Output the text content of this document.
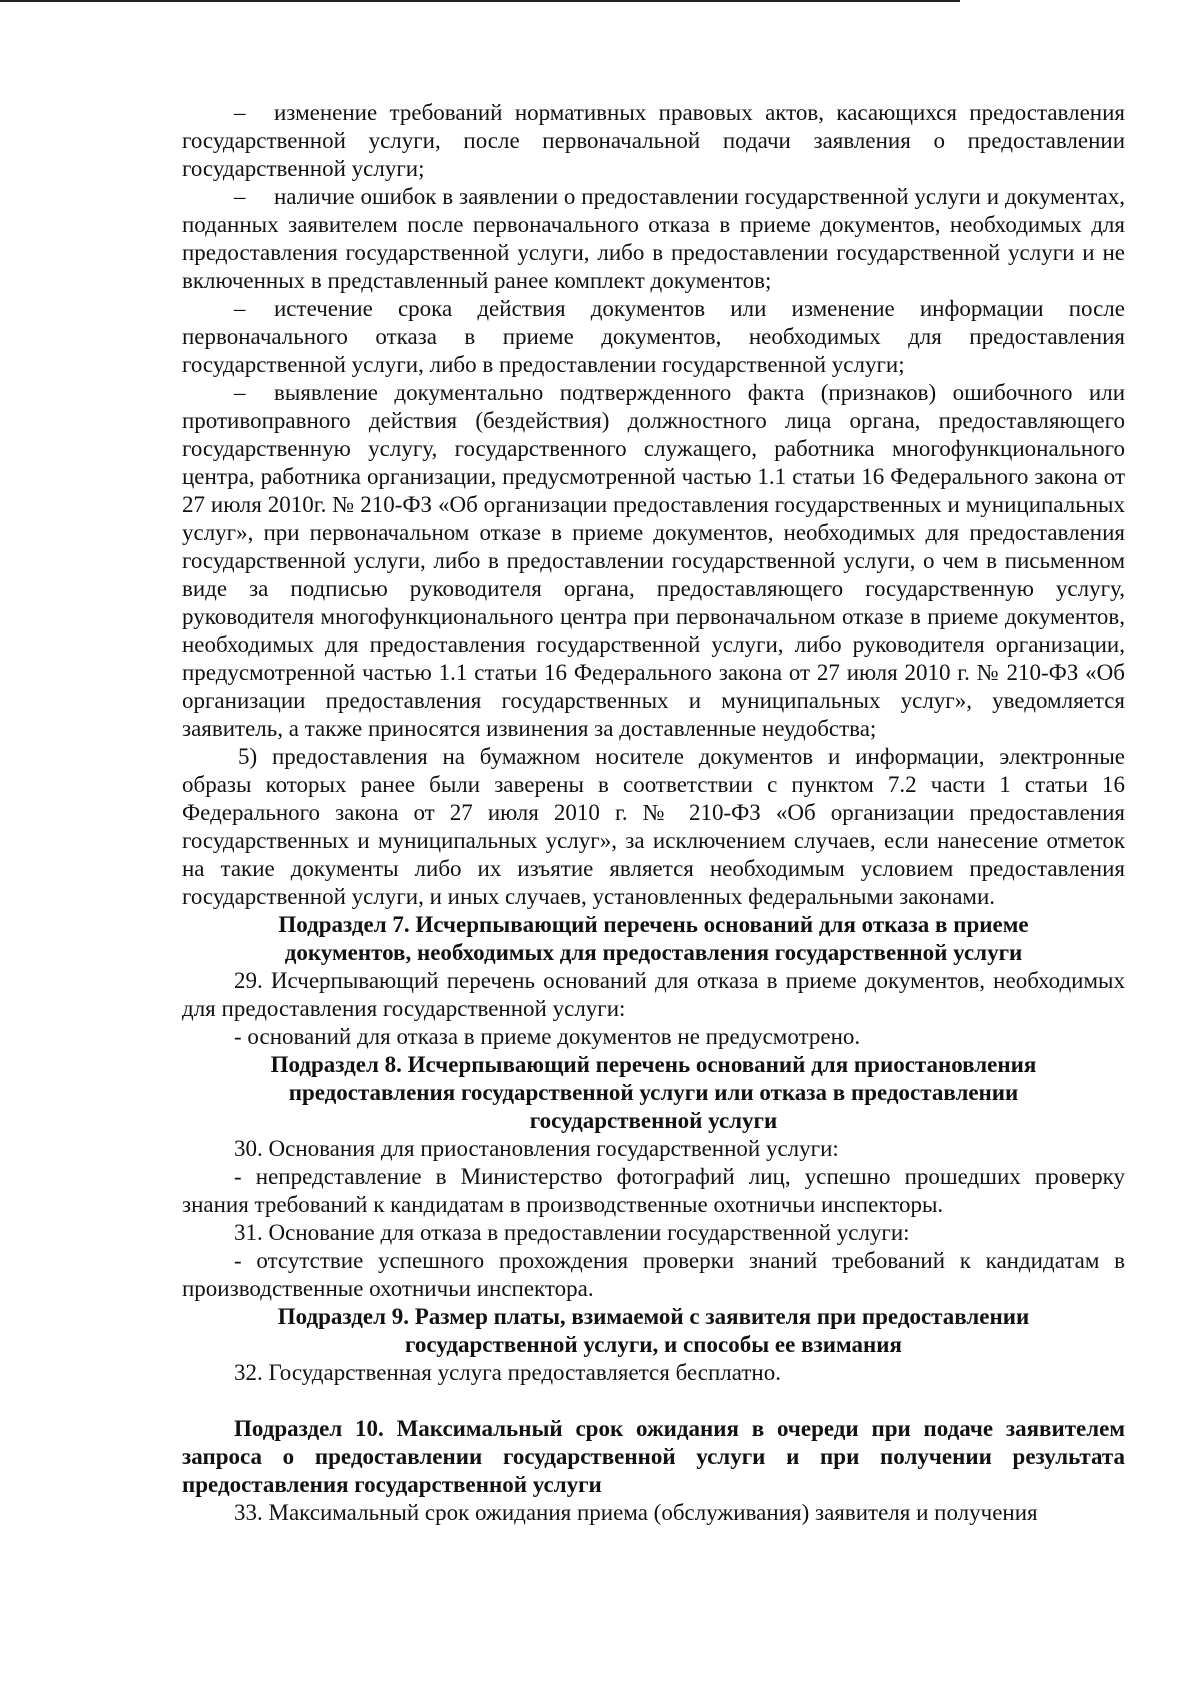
– изменение требований нормативных правовых актов, касающихся предоставления государственной услуги, после первоначальной подачи заявления о предоставлении государственной услуги;

– наличие ошибок в заявлении о предоставлении государственной услуги и документах, поданных заявителем после первоначального отказа в приеме документов, необходимых для предоставления государственной услуги, либо в предоставлении государственной услуги и не включенных в представленный ранее комплект документов;

– истечение срока действия документов или изменение информации после первоначального отказа в приеме документов, необходимых для предоставления государственной услуги, либо в предоставлении государственной услуги;

– выявление документально подтвержденного факта (признаков) ошибочного или противоправного действия (бездействия) должностного лица органа, предоставляющего государственную услугу, государственного служащего, работника многофункционального центра, работника организации, предусмотренной частью 1.1 статьи 16 Федерального закона от 27 июля 2010г. № 210-ФЗ «Об организации предоставления государственных и муниципальных услуг», при первоначальном отказе в приеме документов, необходимых для предоставления государственной услуги, либо в предоставлении государственной услуги, о чем в письменном виде за подписью руководителя органа, предоставляющего государственную услугу, руководителя многофункционального центра при первоначальном отказе в приеме документов, необходимых для предоставления государственной услуги, либо руководителя организации, предусмотренной частью 1.1 статьи 16 Федерального закона от 27 июля 2010 г. № 210-ФЗ «Об организации предоставления государственных и муниципальных услуг», уведомляется заявитель, а также приносятся извинения за доставленные неудобства;

5) предоставления на бумажном носителе документов и информации, электронные образы которых ранее были заверены в соответствии с пунктом 7.2 части 1 статьи 16 Федерального закона от 27 июля 2010 г. № 210-ФЗ «Об организации предоставления государственных и муниципальных услуг», за исключением случаев, если нанесение отметок на такие документы либо их изъятие является необходимым условием предоставления государственной услуги, и иных случаев, установленных федеральными законами.

Подраздел 7. Исчерпывающий перечень оснований для отказа в приеме документов, необходимых для предоставления государственной услуги

29. Исчерпывающий перечень оснований для отказа в приеме документов, необходимых для предоставления государственной услуги:

- оснований для отказа в приеме документов не предусмотрено.

Подраздел 8. Исчерпывающий перечень оснований для приостановления предоставления государственной услуги или отказа в предоставлении государственной услуги

30. Основания для приостановления государственной услуги:

- непредставление в Министерство фотографий лиц, успешно прошедших проверку знания требований к кандидатам в производственные охотничьи инспекторы.

31. Основание для отказа в предоставлении государственной услуги:

- отсутствие успешного прохождения проверки знаний требований к кандидатам в производственные охотничьи инспектора.

Подраздел 9. Размер платы, взимаемой с заявителя при предоставлении государственной услуги, и способы ее взимания

32. Государственная услуга предоставляется бесплатно.

Подраздел 10. Максимальный срок ожидания в очереди при подаче заявителем запроса о предоставлении государственной услуги и при получении результата предоставления государственной услуги

33. Максимальный срок ожидания приема (обслуживания) заявителя и получения
